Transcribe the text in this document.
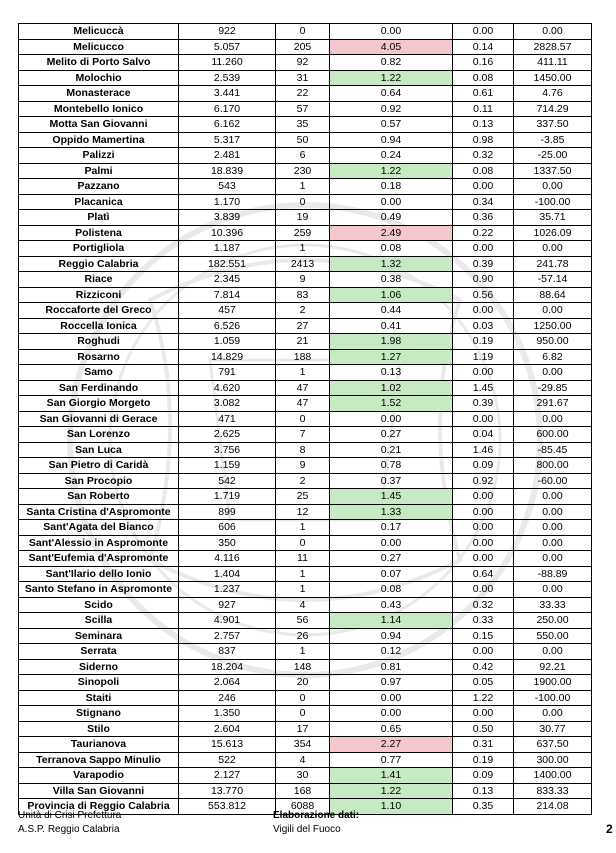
Melicuccà	922	0	0.00	0.00	0.00
Melicucco	5.057	205	4.05	0.14	2828.57
Melito di Porto Salvo	11.260	92	0.82	0.16	411.11
Molochio	2.539	31	1.22	0.08	1450.00
Monasterace	3.441	22	0.64	0.61	4.76
Montebello Ionico	6.170	57	0.92	0.11	714.29
Motta San Giovanni	6.162	35	0.57	0.13	337.50
Oppido Mamertina	5.317	50	0.94	0.98	-3.85
Palizzi	2.481	6	0.24	0.32	-25.00
Palmi	18.839	230	1.22	0.08	1337.50
Pazzano	543	1	0.18	0.00	0.00
Placanica	1.170	0	0.00	0.34	-100.00
Platì	3.839	19	0.49	0.36	35.71
Polistena	10.396	259	2.49	0.22	1026.09
Portigliola	1.187	1	0.08	0.00	0.00
Reggio Calabria	182.551	2413	1.32	0.39	241.78
Riace	2.345	9	0.38	0.90	-57.14
Rizziconi	7.814	83	1.06	0.56	88.64
Roccaforte del Greco	457	2	0.44	0.00	0.00
Roccella Ionica	6.526	27	0.41	0.03	1250.00
Roghudi	1.059	21	1.98	0.19	950.00
Rosarno	14.829	188	1.27	1.19	6.82
Samo	791	1	0.13	0.00	0.00
San Ferdinando	4.620	47	1.02	1.45	-29.85
San Giorgio Morgeto	3.082	47	1.52	0.39	291.67
San Giovanni di Gerace	471	0	0.00	0.00	0.00
San Lorenzo	2.625	7	0.27	0.04	600.00
San Luca	3.756	8	0.21	1.46	-85.45
San Pietro di Caridà	1.159	9	0.78	0.09	800.00
San Procopio	542	2	0.37	0.92	-60.00
San Roberto	1.719	25	1.45	0.00	0.00
Santa Cristina d'Aspromonte	899	12	1.33	0.00	0.00
Sant'Agata del Bianco	606	1	0.17	0.00	0.00
Sant'Alessio in Aspromonte	350	0	0.00	0.00	0.00
Sant'Eufemia d'Aspromonte	4.116	11	0.27	0.00	0.00
Sant'Ilario dello Ionio	1.404	1	0.07	0.64	-88.89
Santo Stefano in Aspromonte	1.237	1	0.08	0.00	0.00
Scido	927	4	0.43	0.32	33.33
Scilla	4.901	56	1.14	0.33	250.00
Seminara	2.757	26	0.94	0.15	550.00
Serrata	837	1	0.12	0.00	0.00
Siderno	18.204	148	0.81	0.42	92.21
Sinopoli	2.064	20	0.97	0.05	1900.00
Staiti	246	0	0.00	1.22	-100.00
Stignano	1.350	0	0.00	0.00	0.00
Stilo	2.604	17	0.65	0.50	30.77
Taurianova	15.613	354	2.27	0.31	637.50
Terranova Sappo Minulio	522	4	0.77	0.19	300.00
Varapodio	2.127	30	1.41	0.09	1400.00
Villa San Giovanni	13.770	168	1.22	0.13	833.33
Provincia di Reggio Calabria	553.812	6088	1.10	0.35	214.08
Unità di Crisi Prefettura
A.S.P. Reggio Calabria
Elaborazione dati:
Vigili del Fuoco	2
